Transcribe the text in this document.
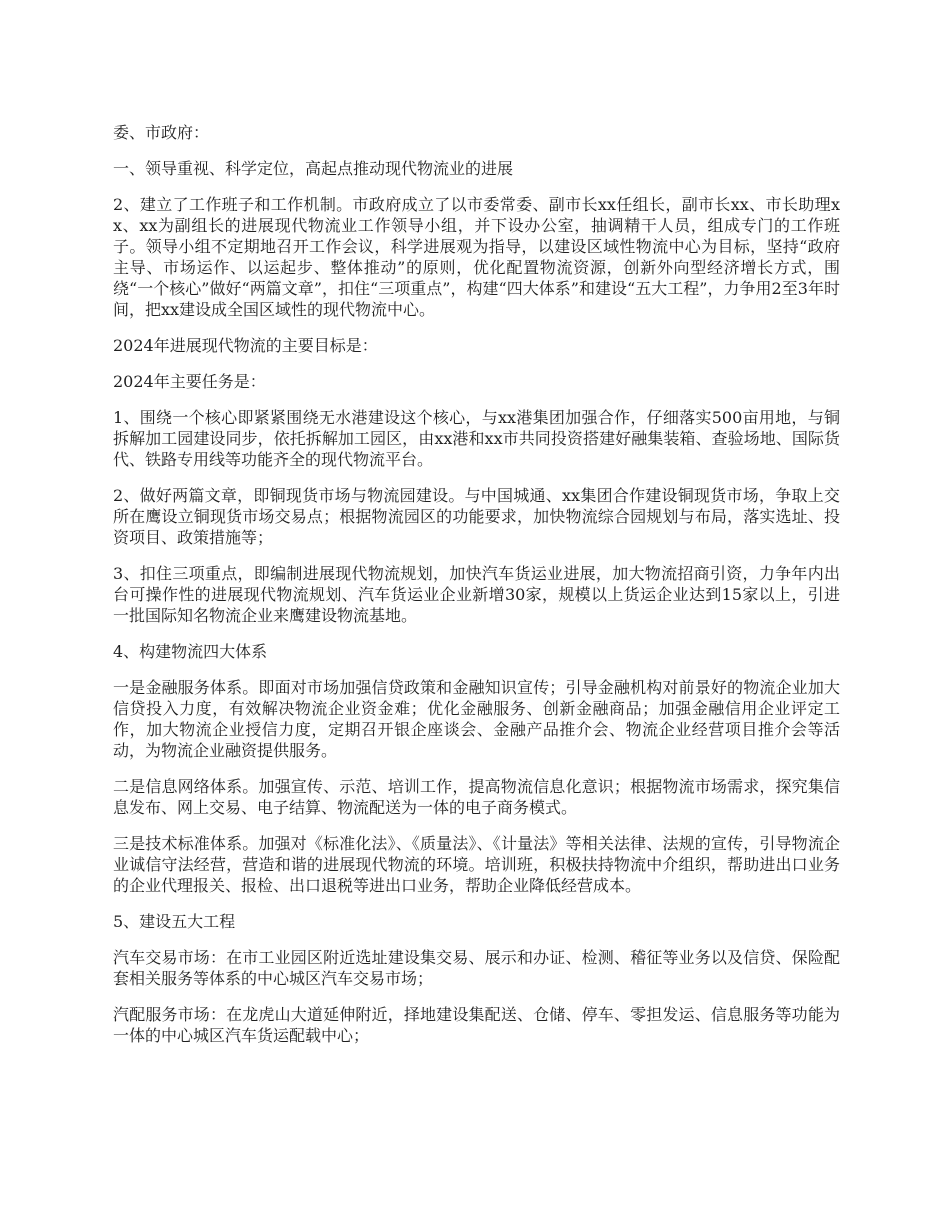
委、市政府：

一、领导重视、科学定位，高起点推动现代物流业的进展

2、建立了工作班子和工作机制。市政府成立了以市委常委、副市长xx任组长，副市长xx、市长助理xx、xx为副组长的进展现代物流业工作领导小组，并下设办公室，抽调精干人员，组成专门的工作班子。领导小组不定期地召开工作会议，科学进展观为指导，以建设区域性物流中心为目标，坚持“政府主导、市场运作、以运起步、整体推动”的原则，优化配置物流资源，创新外向型经济增长方式，围绕“一个核心”做好“两篇文章”，扣住“三项重点”，构建“四大体系”和建设“五大工程”，力争用2至3年时间，把xx建设成全国区域性的现代物流中心。

2024年进展现代物流的主要目标是：

2024年主要任务是：

1、围绕一个核心即紧紧围绕无水港建设这个核心，与xx港集团加强合作，仔细落实500亩用地，与铜拆解加工园建设同步，依托拆解加工园区，由xx港和xx市共同投资搭建好融集装箱、查验场地、国际货代、铁路专用线等功能齐全的现代物流平台。

2、做好两篇文章，即铜现货市场与物流园建设。与中国城通、xx集团合作建设铜现货市场，争取上交所在鹰设立铜现货市场交易点；根据物流园区的功能要求，加快物流综合园规划与布局，落实选址、投资项目、政策措施等；

3、扣住三项重点，即编制进展现代物流规划，加快汽车货运业进展，加大物流招商引资，力争年内出台可操作性的进展现代物流规划、汽车货运业企业新增30家，规模以上货运企业达到15家以上，引进一批国际知名物流企业来鹰建设物流基地。

4、构建物流四大体系

一是金融服务体系。即面对市场加强信贷政策和金融知识宣传；引导金融机构对前景好的物流企业加大信贷投入力度，有效解决物流企业资金难；优化金融服务、创新金融商品；加强金融信用企业评定工作，加大物流企业授信力度，定期召开银企座谈会、金融产品推介会、物流企业经营项目推介会等活动，为物流企业融资提供服务。

二是信息网络体系。加强宣传、示范、培训工作，提高物流信息化意识；根据物流市场需求，探究集信息发布、网上交易、电子结算、物流配送为一体的电子商务模式。

三是技术标准体系。加强对《标准化法》、《质量法》、《计量法》等相关法律、法规的宣传，引导物流企业诚信守法经营，营造和谐的进展现代物流的环境。培训班，积极扶持物流中介组织，帮助进出口业务的企业代理报关、报检、出口退税等进出口业务，帮助企业降低经营成本。

5、建设五大工程

汽车交易市场：在市工业园区附近选址建设集交易、展示和办证、检测、稽征等业务以及信贷、保险配套相关服务等体系的中心城区汽车交易市场；

汽配服务市场：在龙虎山大道延伸附近，择地建设集配送、仓储、停车、零担发运、信息服务等功能为一体的中心城区汽车货运配载中心；
